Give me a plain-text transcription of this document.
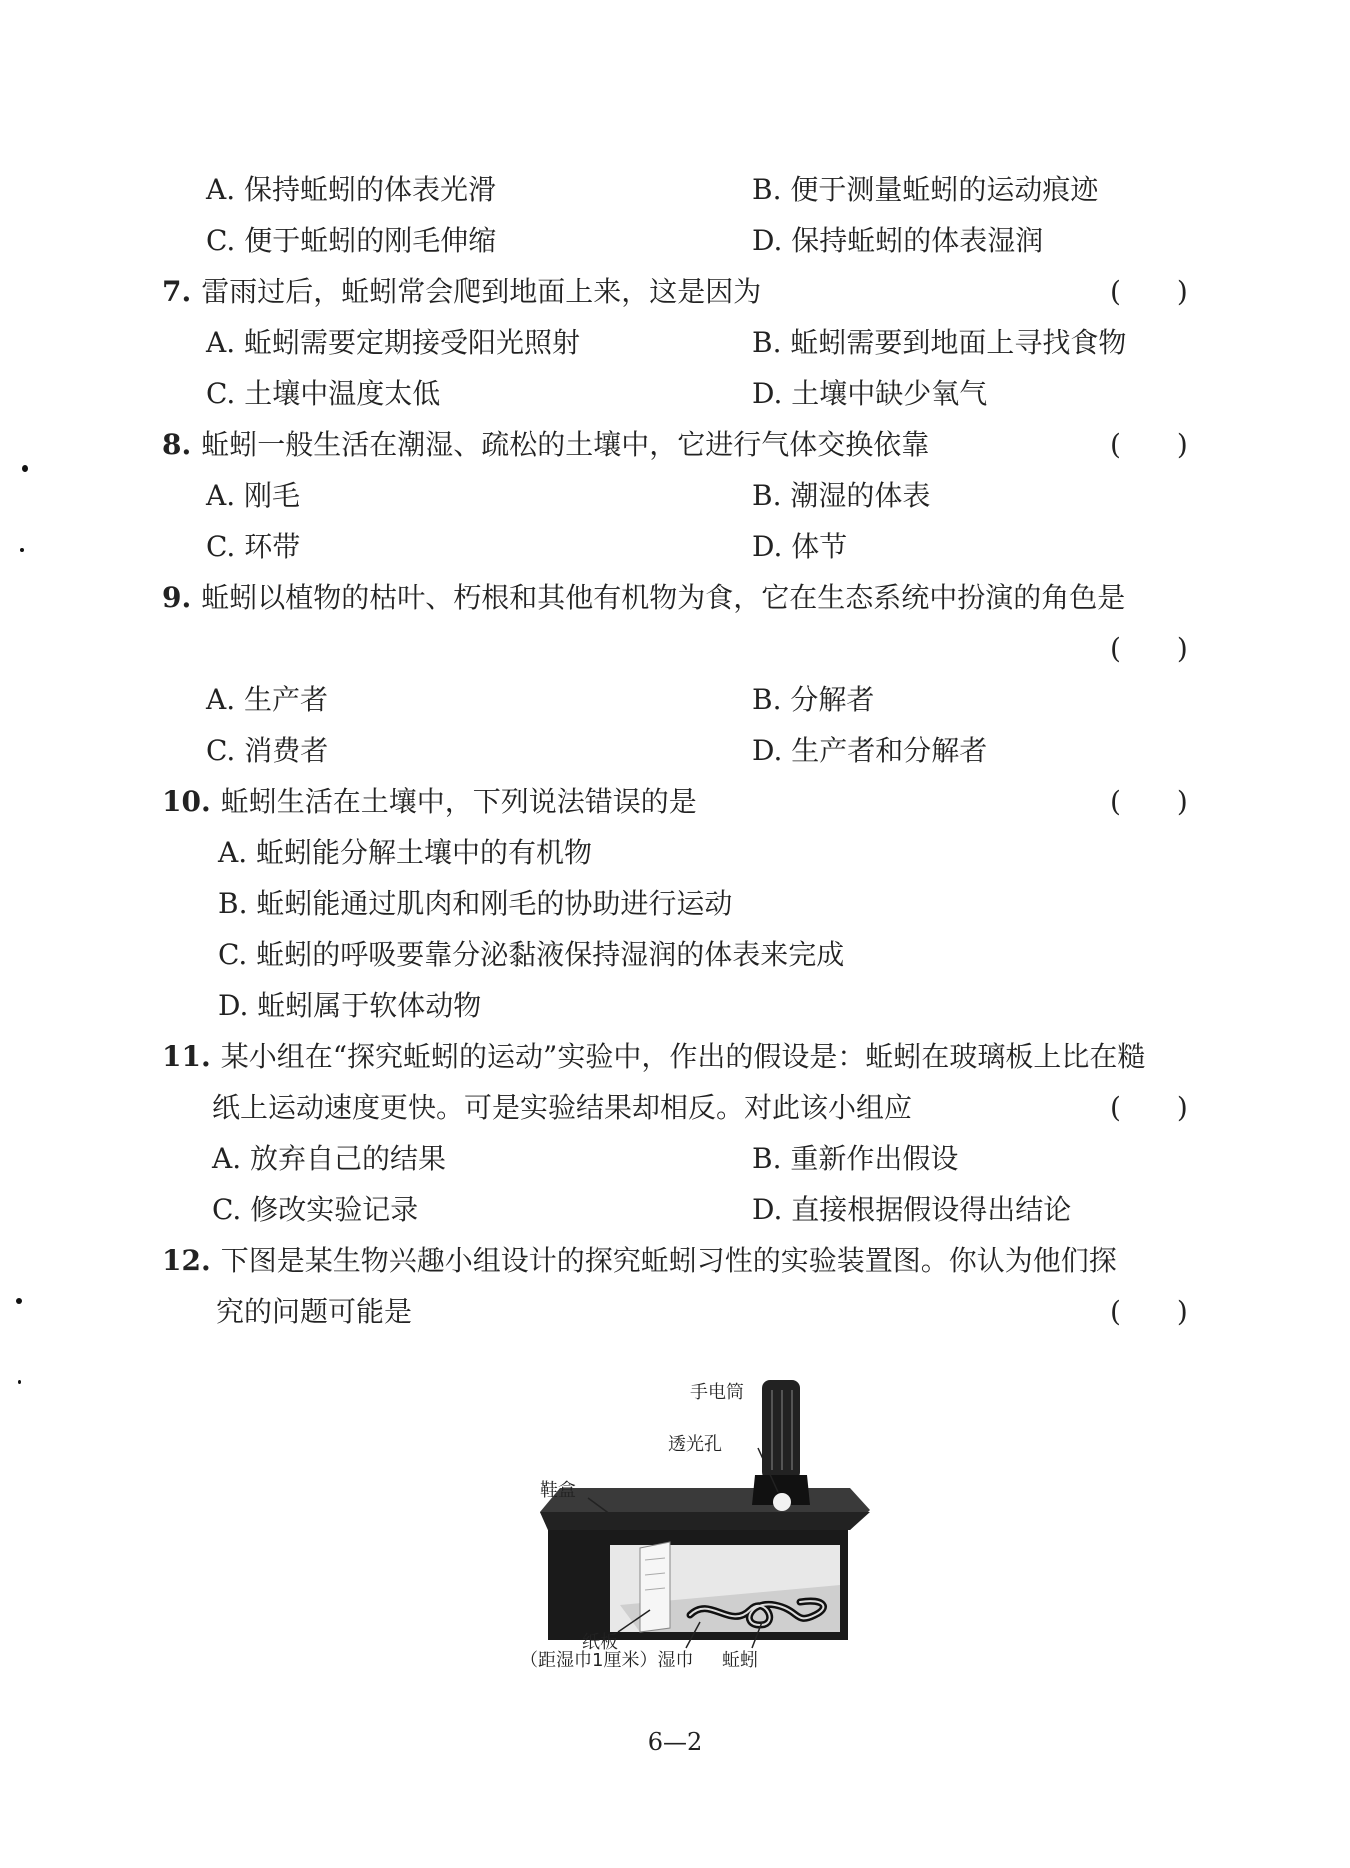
A. 保持蚯蚓的体表光滑	B. 便于测量蚯蚓的运动痕迹
C. 便于蚯蚓的刚毛伸缩	D. 保持蚯蚓的体表湿润
7. 雷雨过后，蚯蚓常会爬到地面上来，这是因为	(　　)
A. 蚯蚓需要定期接受阳光照射	B. 蚯蚓需要到地面上寻找食物
C. 土壤中温度太低	D. 土壤中缺少氧气
8. 蚯蚓一般生活在潮湿、疏松的土壤中，它进行气体交换依靠	(　　)
A. 刚毛	B. 潮湿的体表
C. 环带	D. 体节
9. 蚯蚓以植物的枯叶、朽根和其他有机物为食，它在生态系统中扮演的角色是
(　　)
A. 生产者	B. 分解者
C. 消费者	D. 生产者和分解者
10. 蚯蚓生活在土壤中，下列说法错误的是	(　　)
A. 蚯蚓能分解土壤中的有机物
B. 蚯蚓能通过肌肉和刚毛的协助进行运动
C. 蚯蚓的呼吸要靠分泌黏液保持湿润的体表来完成
D. 蚯蚓属于软体动物
11. 某小组在“探究蚯蚓的运动”实验中，作出的假设是：蚯蚓在玻璃板上比在糙
纸上运动速度更快。可是实验结果却相反。对此该小组应	(　　)
A. 放弃自己的结果	B. 重新作出假设
C. 修改实验记录	D. 直接根据假设得出结论
12. 下图是某生物兴趣小组设计的探究蚯蚓习性的实验装置图。你认为他们探
究的问题可能是	(　　)
手电筒
透光孔
鞋盒
纸板
（距湿巾1厘米）湿巾 蚯蚓
6—2
